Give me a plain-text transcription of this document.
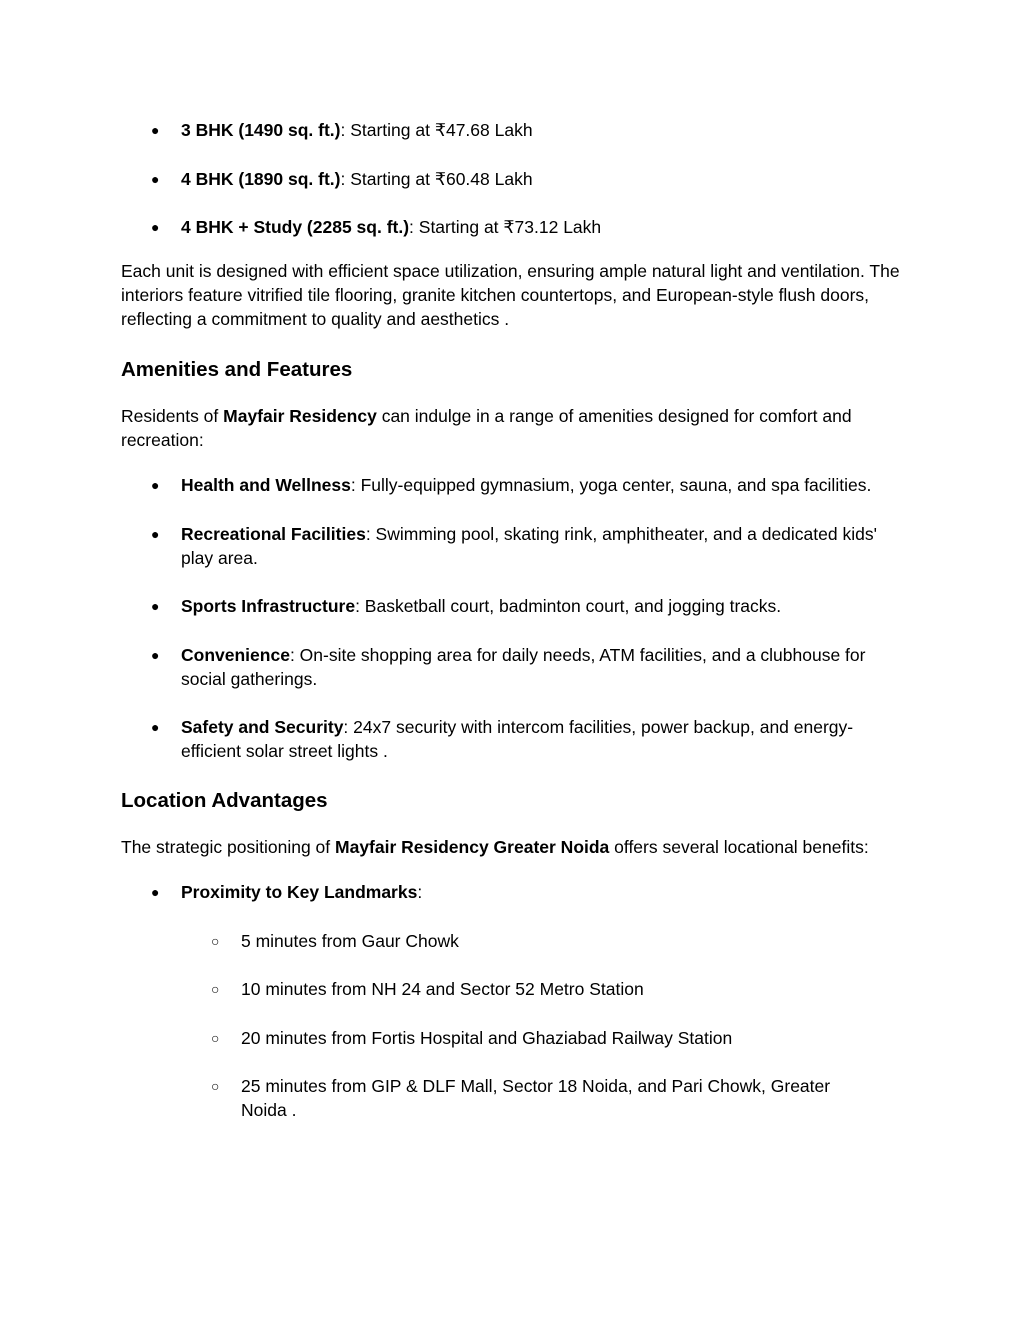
● 3 BHK (1490 sq. ft.): Starting at ₹47.68 Lakh
● 4 BHK (1890 sq. ft.): Starting at ₹60.48 Lakh
● 4 BHK + Study (2285 sq. ft.): Starting at ₹73.12 Lakh

Each unit is designed with efficient space utilization, ensuring ample natural light and ventilation. The interiors feature vitrified tile flooring, granite kitchen countertops, and European-style flush doors, reflecting a commitment to quality and aesthetics .

Amenities and Features

Residents of Mayfair Residency can indulge in a range of amenities designed for comfort and recreation:

● Health and Wellness: Fully-equipped gymnasium, yoga center, sauna, and spa facilities.
● Recreational Facilities: Swimming pool, skating rink, amphitheater, and a dedicated kids' play area.
● Sports Infrastructure: Basketball court, badminton court, and jogging tracks.
● Convenience: On-site shopping area for daily needs, ATM facilities, and a clubhouse for social gatherings.
● Safety and Security: 24x7 security with intercom facilities, power backup, and energy-efficient solar street lights .
Location Advantages

The strategic positioning of Mayfair Residency Greater Noida offers several locational benefits:

● Proximity to Key Landmarks:
○ 5 minutes from Gaur Chowk
○ 10 minutes from NH 24 and Sector 52 Metro Station
○ 20 minutes from Fortis Hospital and Ghaziabad Railway Station
○ 25 minutes from GIP & DLF Mall, Sector 18 Noida, and Pari Chowk, Greater Noida .
